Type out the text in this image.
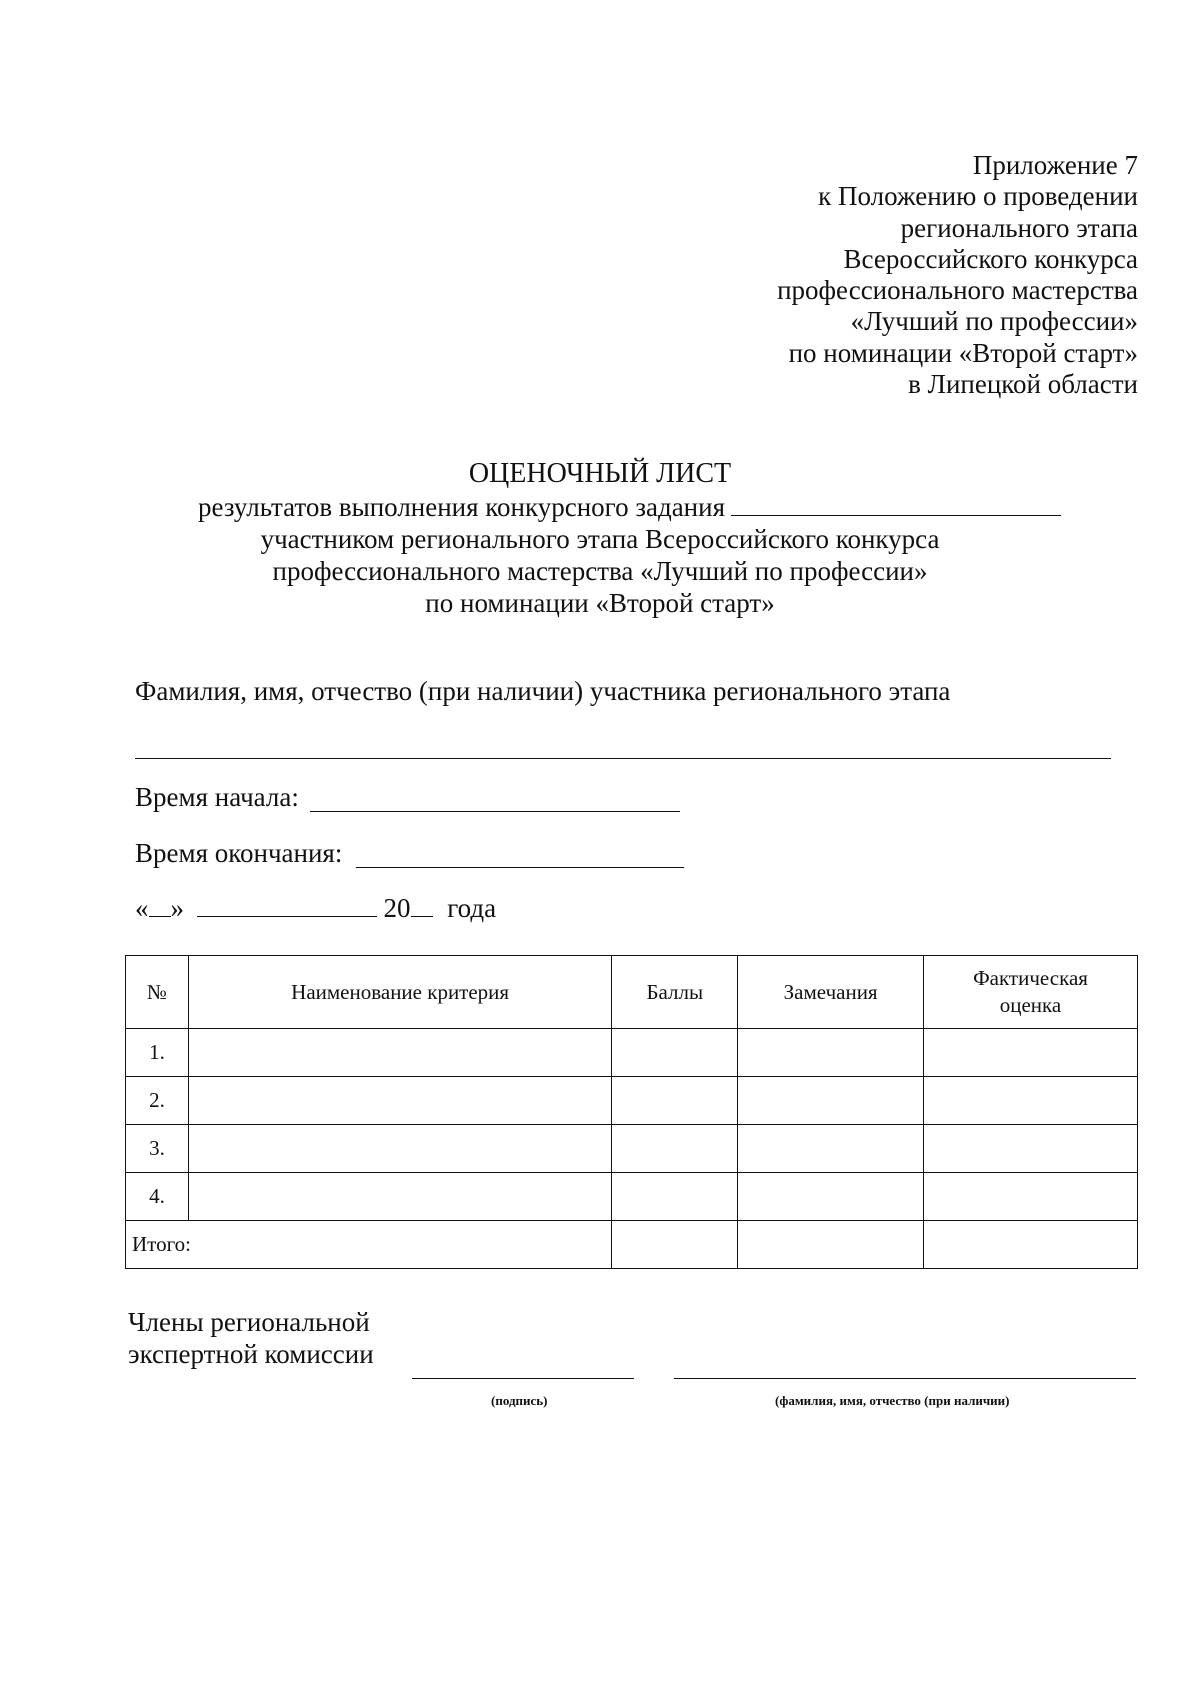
Приложение 7
к Положению о проведении
регионального этапа
Всероссийского конкурса
профессионального мастерства
«Лучший по профессии»
по номинации «Второй старт»
в Липецкой области
ОЦЕНОЧНЫЙ ЛИСТ
результатов выполнения конкурсного задания
участником регионального этапа Всероссийского конкурса
профессионального мастерства «Лучший по профессии»
по номинации «Второй старт»
Фамилия, имя, отчество (при наличии) участника регионального этапа
Время начала:
Время окончания:
« »	20 года
№	Наименование критерия	Баллы	Замечания	Фактическая оценка
1.				
2.				
3.				
4.				
Итого:				
Члены региональной
экспертной комиссии
(подпись)	(фамилия, имя, отчество (при наличии)
